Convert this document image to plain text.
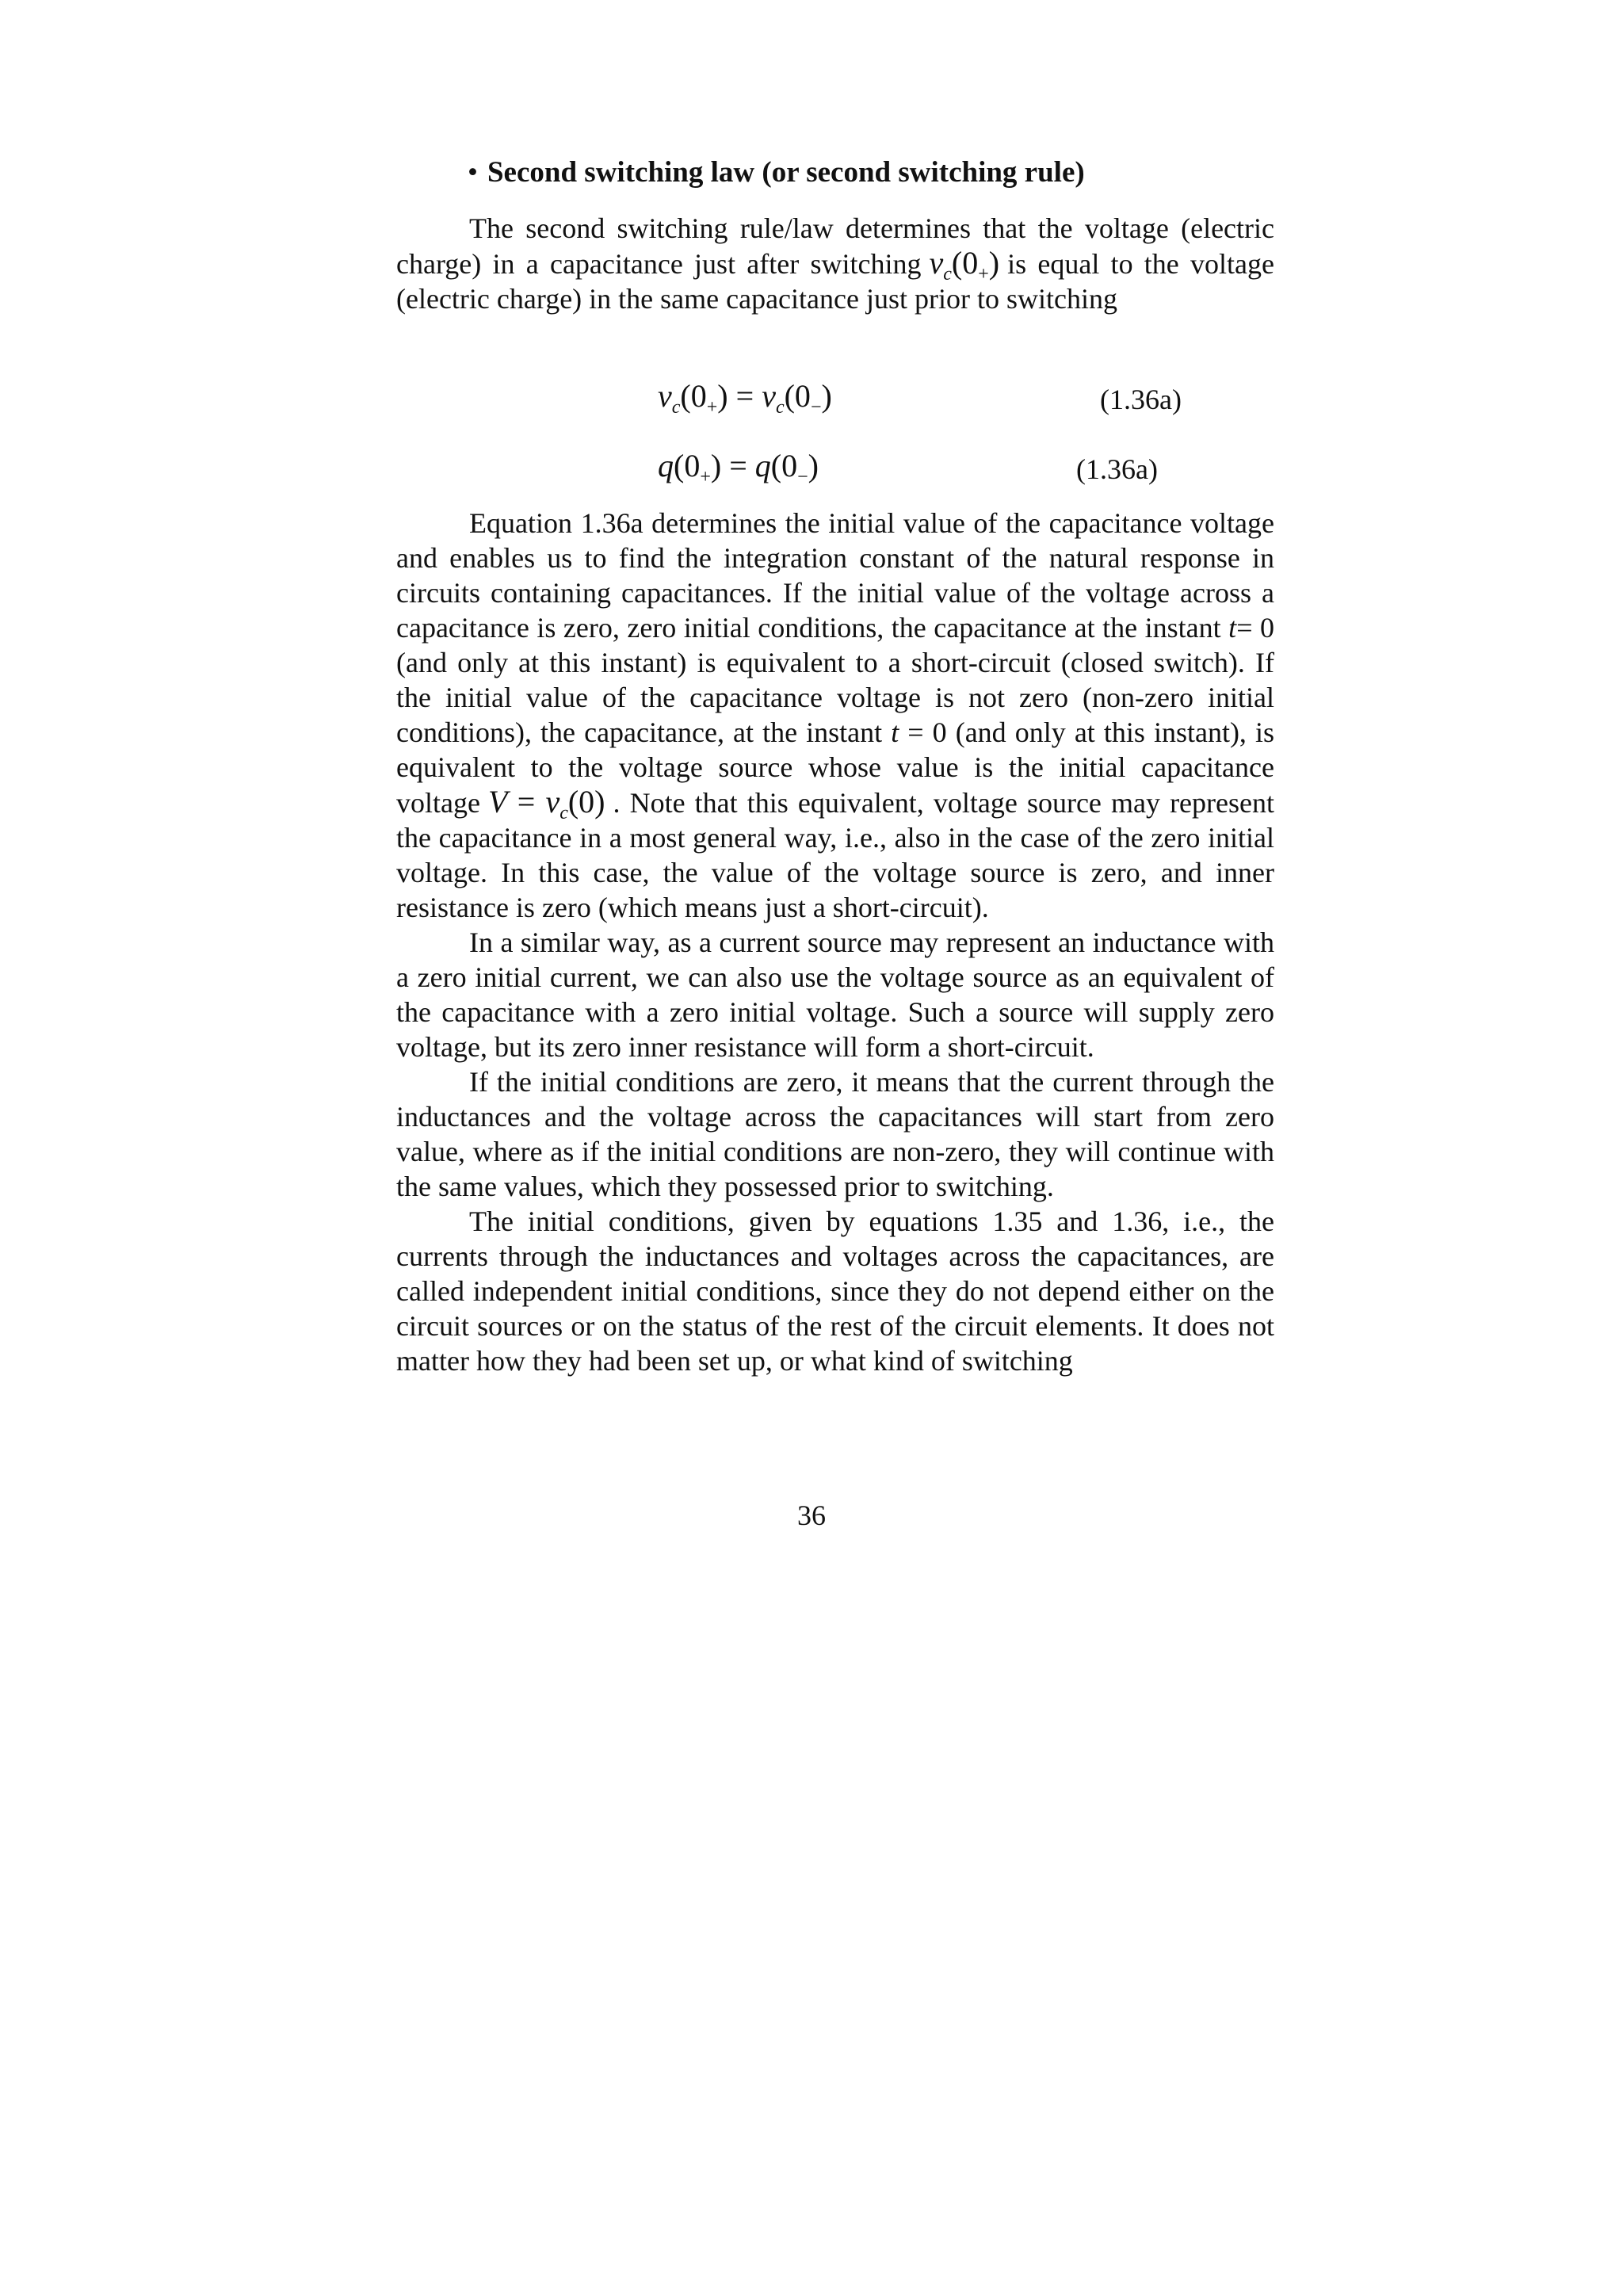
• Second switching law (or second switching rule)

The second switching rule/law determines that the voltage (electric charge) in a capacitance just after switching $v_c(0_+)$ is equal to the voltage (electric charge) in the same capacitance just prior to switching

$v_c(0_+) = v_c(0_-)$	(1.36a)
$q(0_+) = q(0_-)$	(1.36a)

Equation 1.36a determines the initial value of the capacitance voltage and enables us to find the integration constant of the natural response in circuits containing capacitances. If the initial value of the voltage across a capacitance is zero, zero initial conditions, the capacitance at the instant t= 0 (and only at this instant) is equivalent to a short-circuit (closed switch). If the initial value of the capacitance voltage is not zero (non-zero initial conditions), the capacitance, at the instant t = 0 (and only at this instant), is equivalent to the voltage source whose value is the initial capacitance voltage $V = v_c(0)$ . Note that this equivalent, voltage source may represent the capacitance in a most general way, i.e., also in the case of the zero initial voltage. In this case, the value of the voltage source is zero, and inner resistance is zero (which means just a short-circuit).

In a similar way, as a current source may represent an inductance with a zero initial current, we can also use the voltage source as an equivalent of the capacitance with a zero initial voltage. Such a source will supply zero voltage, but its zero inner resistance will form a short-circuit.

If the initial conditions are zero, it means that the current through the inductances and the voltage across the capacitances will start from zero value, where as if the initial conditions are non-zero, they will continue with the same values, which they possessed prior to switching.

The initial conditions, given by equations 1.35 and 1.36, i.e., the currents through the inductances and voltages across the capacitances, are called independent initial conditions, since they do not depend either on the circuit sources or on the status of the rest of the circuit elements. It does not matter how they had been set up, or what kind of switching

36
